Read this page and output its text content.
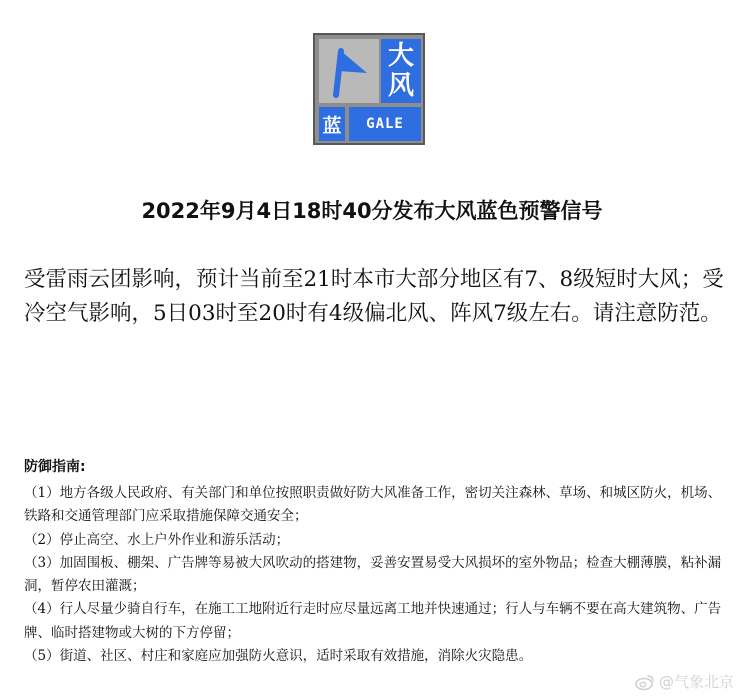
大
风
蓝	GALE
2022年9月4日18时40分发布大风蓝色预警信号

受雷雨云团影响，预计当前至21时本市大部分地区有7、8级短时大风；受冷空气影响，5日03时至20时有4级偏北风、阵风7级左右。请注意防范。

防御指南:
（1）地方各级人民政府、有关部门和单位按照职责做好防大风准备工作，密切关注森林、草场、和城区防火，机场、铁路和交通管理部门应采取措施保障交通安全；
（2）停止高空、水上户外作业和游乐活动；
（3）加固围板、棚架、广告牌等易被大风吹动的搭建物，妥善安置易受大风损坏的室外物品；检查大棚薄膜，粘补漏洞，暂停农田灌溉；
（4）行人尽量少骑自行车，在施工工地附近行走时应尽量远离工地并快速通过；行人与车辆不要在高大建筑物、广告牌、临时搭建物或大树的下方停留；
（5）街道、社区、村庄和家庭应加强防火意识，适时采取有效措施，消除火灾隐患。
@气象北京
